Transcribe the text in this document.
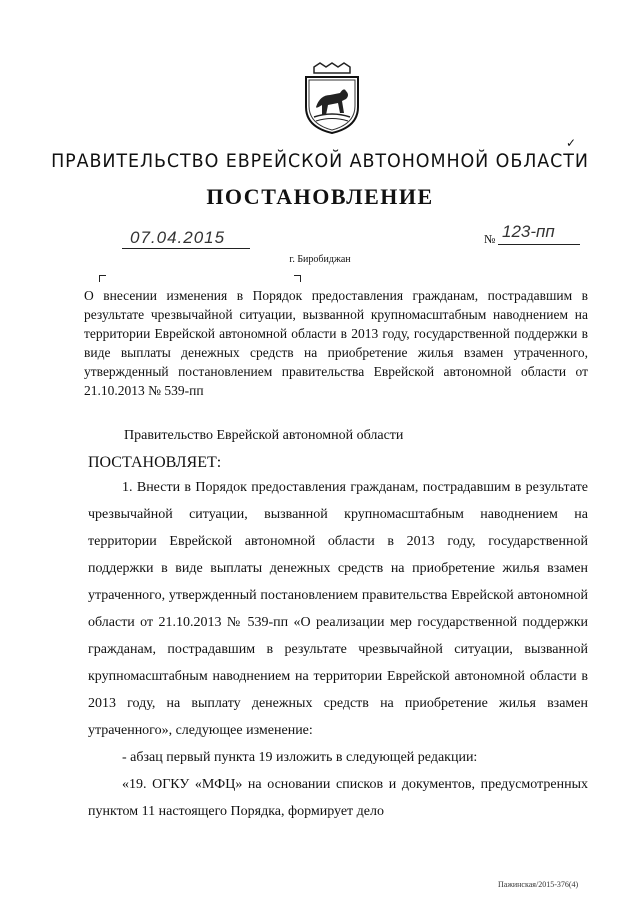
✓
ПРАВИТЕЛЬСТВО ЕВРЕЙСКОЙ АВТОНОМНОЙ ОБЛАСТИ
ПОСТАНОВЛЕНИЕ
07.04.2015	№ 123-пп
г. Биробиджан
О внесении изменения в Порядок предоставления гражданам, пострадавшим в результате чрезвычайной ситуации, вызванной крупномасштабным наводнением на территории Еврейской автономной области в 2013 году, государственной поддержки в виде выплаты денежных средств на приобретение жилья взамен утраченного, утвержденный постановлением правительства Еврейской автономной области от 21.10.2013 № 539-пп
Правительство Еврейской автономной области
ПОСТАНОВЛЯЕТ:

1. Внести в Порядок предоставления гражданам, пострадавшим в результате чрезвычайной ситуации, вызванной крупномасштабным наводнением на территории Еврейской автономной области в 2013 году, государственной поддержки в виде выплаты денежных средств на приобретение жилья взамен утраченного, утвержденный постановлением правительства Еврейской автономной области от 21.10.2013 № 539-пп «О реализации мер государственной поддержки гражданам, пострадавшим в результате чрезвычайной ситуации, вызванной крупномасштабным наводнением на территории Еврейской автономной области в 2013 году, на выплату денежных средств на приобретение жилья взамен утраченного», следующее изменение:

- абзац первый пункта 19 изложить в следующей редакции:

«19. ОГКУ «МФЦ» на основании списков и документов, предусмотренных пунктом 11 настоящего Порядка, формирует дело

Пажинская/2015-376(4)
